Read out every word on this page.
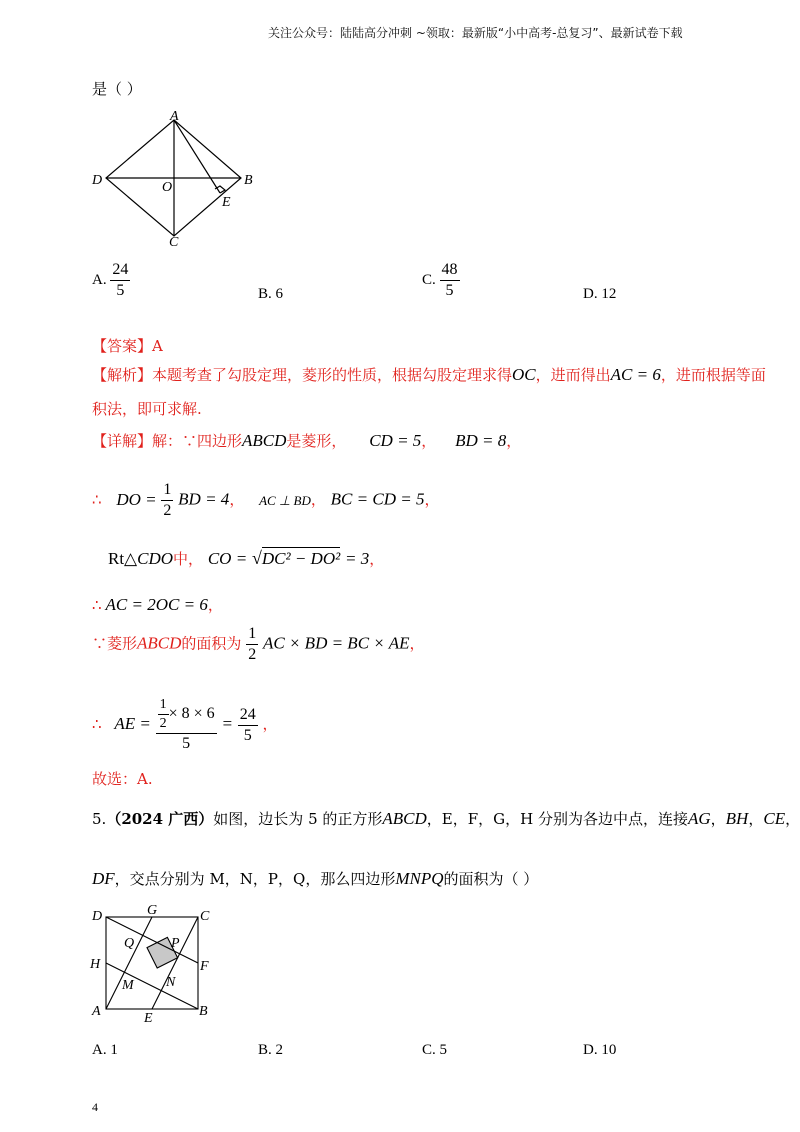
关注公众号：陆陆高分冲刺 ~领取：最新版“小中高考-总复习”、最新试卷下载
是（ ）
A
B
C
D	O
E
A. $\frac{24}{5}$	B. 6
C. $\frac{48}{5}$	D. 12
【答案】A
【解析】本题考查了勾股定理，菱形的性质，根据勾股定理求得OC，进而得出AC = 6，进而根据等面
积法，即可求解.
【详解】解：∵四边形ABCD是菱形， CD = 5， BD = 8，
∴ DO = $\frac{1}{2}$ BD = 4， AC ⊥ BD， BC = CD = 5，
Rt△CDO中， CO = √DC² − DO² = 3，
∴ AC = 2OC = 6，
∵菱形ABCD的面积为 $\frac{1}{2}$ AC × BD = BC × AE，
∴ AE = $\frac{\frac{1}{2} \times 8 \times 6}{5} = \frac{24}{5}$ ，
故选：A.
5.（2024 广西）如图，边长为 5 的正方形ABCD，E，F，G，H 分别为各边中点，连接AG，BH，CE，
DF，交点分别为 M，N，P，Q，那么四边形MNPQ的面积为（ ）
D	G	C
Q	P
H	F
M N
A	E	B
A. 1	B. 2	C. 5	D. 10
4
